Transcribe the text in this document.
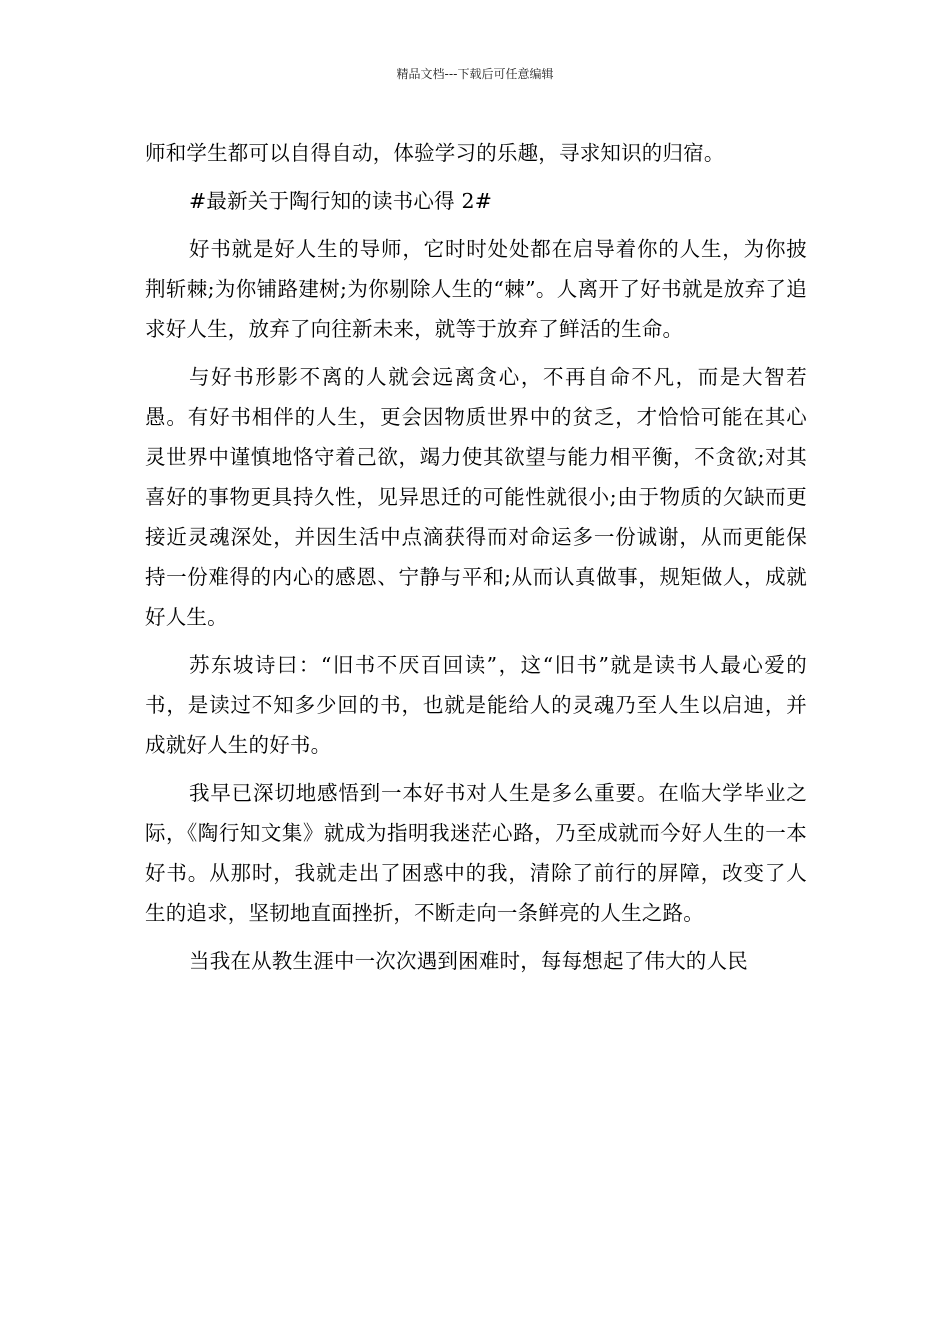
精品文档---下载后可任意编辑

师和学生都可以自得自动，体验学习的乐趣，寻求知识的归宿。

#最新关于陶行知的读书心得 2#

好书就是好人生的导师，它时时处处都在启导着你的人生，为你披荆斩棘;为你铺路建树;为你剔除人生的“棘”。人离开了好书就是放弃了追求好人生，放弃了向往新未来，就等于放弃了鲜活的生命。

与好书形影不离的人就会远离贪心，不再自命不凡，而是大智若愚。有好书相伴的人生，更会因物质世界中的贫乏，才恰恰可能在其心灵世界中谨慎地恪守着己欲，竭力使其欲望与能力相平衡，不贪欲;对其喜好的事物更具持久性，见异思迁的可能性就很小;由于物质的欠缺而更接近灵魂深处，并因生活中点滴获得而对命运多一份诚谢，从而更能保持一份难得的内心的感恩、宁静与平和;从而认真做事，规矩做人，成就好人生。

苏东坡诗曰：“旧书不厌百回读”，这“旧书”就是读书人最心爱的书，是读过不知多少回的书，也就是能给人的灵魂乃至人生以启迪，并成就好人生的好书。

我早已深切地感悟到一本好书对人生是多么重要。在临大学毕业之际，《陶行知文集》就成为指明我迷茫心路，乃至成就而今好人生的一本好书。从那时，我就走出了困惑中的我，清除了前行的屏障，改变了人生的追求，坚韧地直面挫折，不断走向一条鲜亮的人生之路。

当我在从教生涯中一次次遇到困难时，每每想起了伟大的人民
